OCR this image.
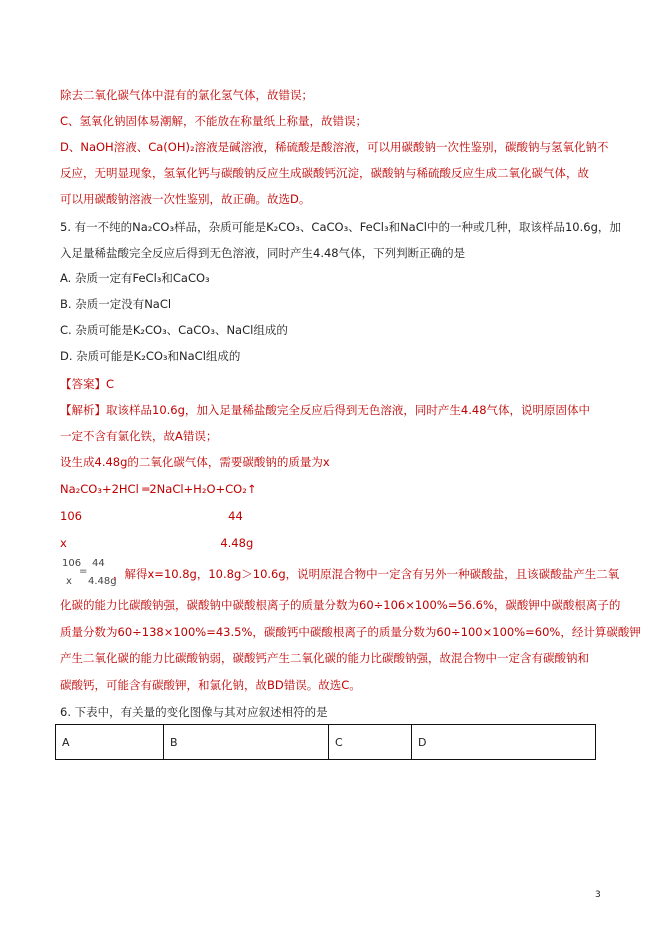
除去二氧化碳气体中混有的氯化氢气体，故错误；
C、氢氧化钠固体易潮解，不能放在称量纸上称量，故错误；
D、NaOH溶液、Ca(OH)₂溶液是碱溶液，稀硫酸是酸溶液，可以用碳酸钠一次性鉴别，碳酸钠与氢氧化钠不
反应，无明显现象，氢氧化钙与碳酸钠反应生成碳酸钙沉淀，碳酸钠与稀硫酸反应生成二氧化碳气体，故
可以用碳酸钠溶液一次性鉴别，故正确。故选D。
5. 有一不纯的Na₂CO₃样品，杂质可能是K₂CO₃、CaCO₃、FeCl₃和NaCl中的一种或几种，取该样品10.6g，加
入足量稀盐酸完全反应后得到无色溶液，同时产生4.48气体，下列判断正确的是
A. 杂质一定有FeCl₃和CaCO₃
B. 杂质一定没有NaCl
C. 杂质可能是K₂CO₃、CaCO₃、NaCl组成的
D. 杂质可能是K₂CO₃和NaCl组成的
【答案】C
【解析】取该样品10.6g，加入足量稀盐酸完全反应后得到无色溶液，同时产生4.48气体，说明原固体中
一定不含有氯化铁，故A错误；
设生成4.48g的二氧化碳气体，需要碳酸钠的质量为x
Na₂CO₃+2HCl ═2NaCl+H₂O+CO₂↑
106                                        44
x                                          4.48g
106
=
x
44
4.48g
，解得x=10.8g，10.8g＞10.6g，说明原混合物中一定含有另外一种碳酸盐，且该碳酸盐产生二氧
化碳的能力比碳酸钠强，碳酸钠中碳酸根离子的质量分数为60÷106×100%=56.6%，碳酸钾中碳酸根离子的
质量分数为60÷138×100%=43.5%，碳酸钙中碳酸根离子的质量分数为60÷100×100%=60%，经计算碳酸钾
产生二氧化碳的能力比碳酸钠弱，碳酸钙产生二氧化碳的能力比碳酸钠强，故混合物中一定含有碳酸钠和
碳酸钙，可能含有碳酸钾，和氯化钠，故BD错误。故选C。
6. 下表中，有关量的变化图像与其对应叙述相符的是
A	B	C	D
3
